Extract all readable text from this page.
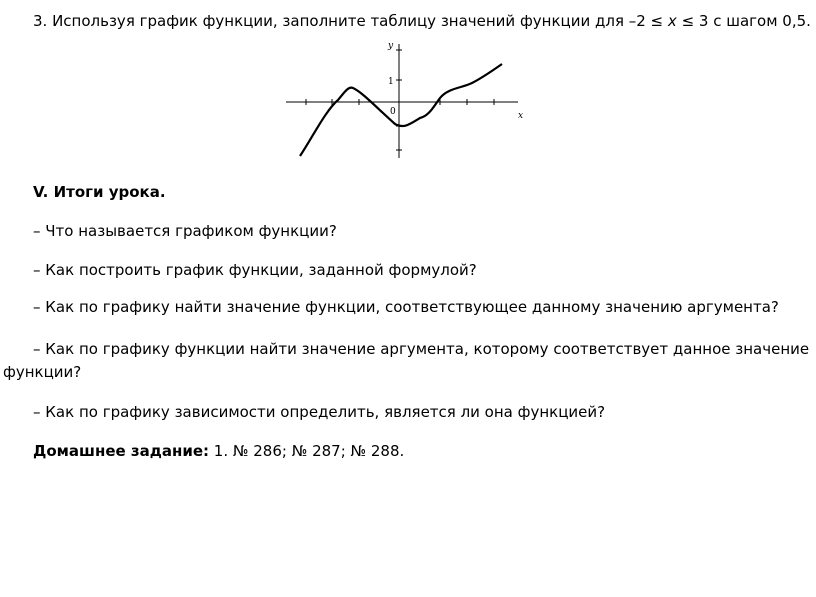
3. Используя график функции, заполните таблицу значений функции для –2 ≤ x ≤ 3 с шагом 0,5.
y
x
1
0
V. Итоги урока.
– Что называется графиком функции?
– Как построить график функции, заданной формулой?
– Как по графику найти значение функции, соответствующее данному значению аргумента?
– Как по графику функции найти значение аргумента, которому соответствует данное значение
функции?
– Как по графику зависимости определить, является ли она функцией?
Домашнее задание: 1. № 286; № 287; № 288.
